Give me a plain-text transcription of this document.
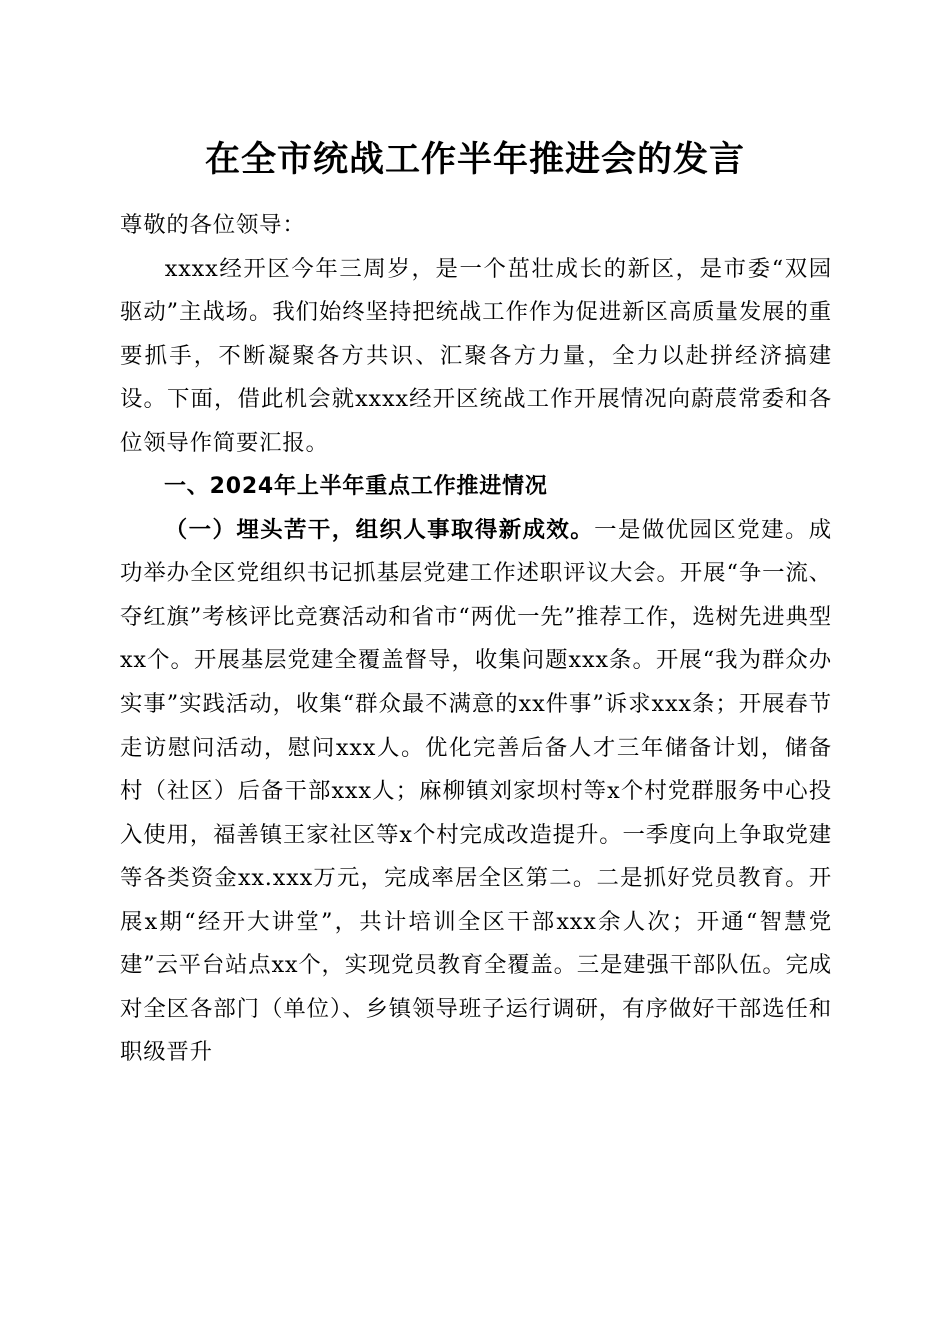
在全市统战工作半年推进会的发言

尊敬的各位领导：

xxxx经开区今年三周岁，是一个茁壮成长的新区，是市委“双园驱动”主战场。我们始终坚持把统战工作作为促进新区高质量发展的重要抓手，不断凝聚各方共识、汇聚各方力量，全力以赴拼经济搞建设。下面，借此机会就xxxx经开区统战工作开展情况向蔚莀常委和各位领导作简要汇报。

一、2024年上半年重点工作推进情况

（一）埋头苦干，组织人事取得新成效。一是做优园区党建。成功举办全区党组织书记抓基层党建工作述职评议大会。开展“争一流、夺红旗”考核评比竞赛活动和省市“两优一先”推荐工作，选树先进典型xx个。开展基层党建全覆盖督导，收集问题xxx条。开展“我为群众办实事”实践活动，收集“群众最不满意的xx件事”诉求xxx条；开展春节走访慰问活动，慰问xxx人。优化完善后备人才三年储备计划，储备村（社区）后备干部xxx人；麻柳镇刘家坝村等x个村党群服务中心投入使用，福善镇王家社区等x个村完成改造提升。一季度向上争取党建等各类资金xx.xxx万元，完成率居全区第二。二是抓好党员教育。开展x期“经开大讲堂”，共计培训全区干部xxx余人次；开通“智慧党建”云平台站点xx个，实现党员教育全覆盖。三是建强干部队伍。完成对全区各部门（单位）、乡镇领导班子运行调研，有序做好干部选任和职级晋升
